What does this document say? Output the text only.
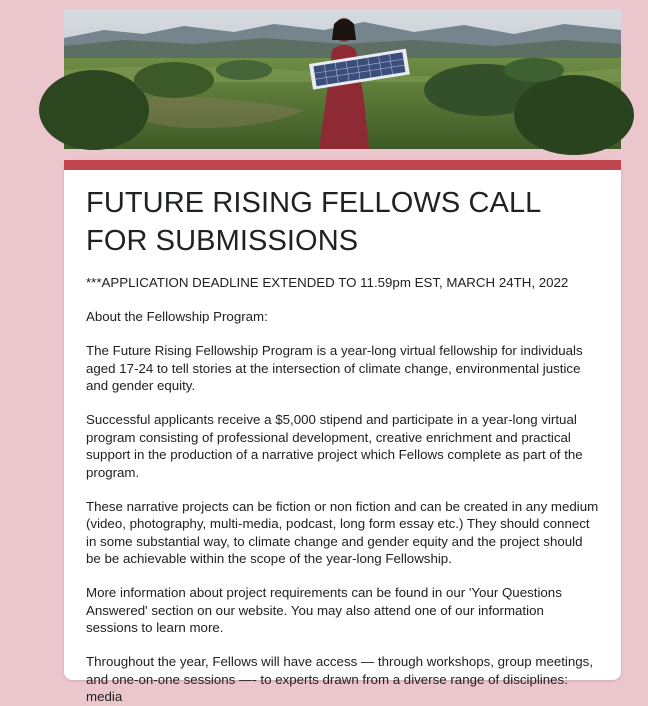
FUTURE RISING FELLOWS CALL FOR SUBMISSIONS

***APPLICATION DEADLINE EXTENDED TO 11.59pm EST, MARCH 24TH, 2022

About the Fellowship Program:

The Future Rising Fellowship Program is a year-long virtual fellowship for individuals aged 17-24 to tell stories at the intersection of climate change, environmental justice and gender equity.

Successful applicants receive a $5,000 stipend and participate in a year-long virtual program consisting of professional development, creative enrichment and practical support in the production of a narrative project which Fellows complete as part of the program.

These narrative projects can be fiction or non fiction and can be created in any medium (video, photography, multi-media, podcast, long form essay etc.) They should connect in some substantial way, to climate change and gender equity and the project should be be achievable within the scope of the year-long Fellowship.

More information about project requirements can be found in our 'Your Questions Answered' section on our website. You may also attend one of our information sessions to learn more.

Throughout the year, Fellows will have access — through workshops, group meetings, and one-on-one sessions —- to experts drawn from a diverse range of disciplines: media
